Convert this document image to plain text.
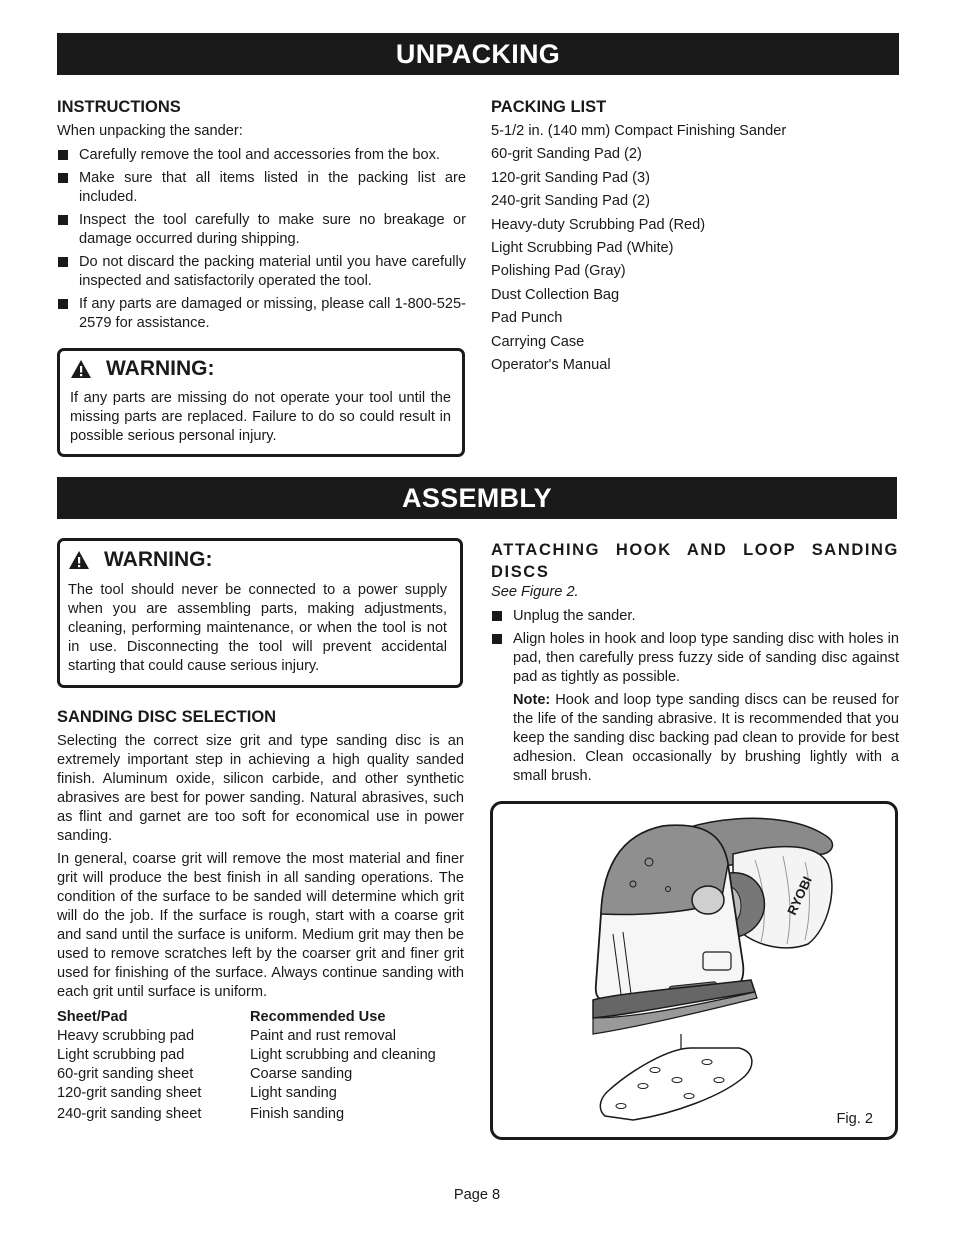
UNPACKING
INSTRUCTIONS

When unpacking the sander:

Carefully remove the tool and accessories from the box.
Make sure that all items listed in the packing list are included.
Inspect the tool carefully to make sure no breakage or damage occurred during shipping.
Do not discard the packing material until you have carefully inspected and satisfactorily operated the tool.
If any parts are damaged or missing, please call 1-800-525-2579 for assistance.
WARNING:
If any parts are missing do not operate your tool until the missing parts are replaced. Failure to do so could result in possible serious personal injury.
PACKING LIST
5-1/2 in. (140 mm) Compact Finishing Sander
60-grit Sanding Pad (2)
120-grit Sanding Pad (3)
240-grit Sanding Pad (2)
Heavy-duty Scrubbing Pad (Red)
Light Scrubbing Pad (White)
Polishing Pad (Gray)
Dust Collection Bag
Pad Punch
Carrying Case
Operator's Manual
ASSEMBLY
WARNING:
The tool should never be connected to a power supply when you are assembling parts, making adjustments, cleaning, performing maintenance, or when the tool is not in use. Disconnecting the tool will prevent accidental starting that could cause serious injury.
SANDING DISC SELECTION

Selecting the correct size grit and type sanding disc is an extremely important step in achieving a high quality sanded finish. Aluminum oxide, silicon carbide, and other synthetic abrasives are best for power sanding. Natural abrasives, such as flint and garnet are too soft for economical use in power sanding.

In general, coarse grit will remove the most material and finer grit will produce the best finish in all sanding operations. The condition of the surface to be sanded will determine which grit will do the job. If the surface is rough, start with a coarse grit and sand until the surface is uniform. Medium grit may then be used to remove scratches left by the coarser grit and finer grit used for finishing of the surface. Always continue sanding with each grit until surface is uniform.

Sheet/Pad	Recommended Use
Heavy scrubbing pad	Paint and rust removal
Light scrubbing pad	Light scrubbing and cleaning
60-grit sanding sheet	Coarse sanding
120-grit sanding sheet	Light sanding
240-grit sanding sheet	Finish sanding
ATTACHING HOOK AND LOOP SANDING DISCS

See Figure 2.

Unplug the sander.
Align holes in hook and loop type sanding disc with holes in pad, then carefully press fuzzy side of sanding disc against pad as tightly as possible.

Note: Hook and loop type sanding discs can be reused for the life of the sanding abrasive. It is recommended that you keep the sanding disc backing pad clean to provide for best adhesion. Clean occasionally by brushing lightly with a small brush.

RYOBI
Fig. 2
Page 8
